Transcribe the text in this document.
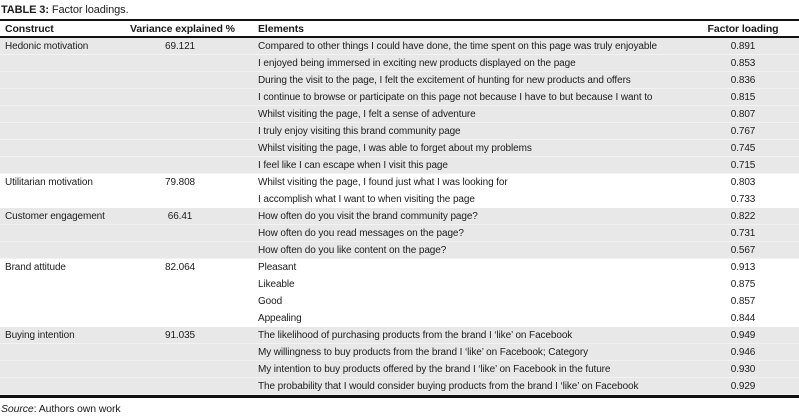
TABLE 3: Factor loadings.
Construct	Variance explained %	Elements	Factor loading
Hedonic motivation	69.121	Compared to other things I could have done, the time spent on this page was truly enjoyable	0.891
		I enjoyed being immersed in exciting new products displayed on the page	0.853
		During the visit to the page, I felt the excitement of hunting for new products and offers	0.836
		I continue to browse or participate on this page not because I have to but because I want to	0.815
		Whilst visiting the page, I felt a sense of adventure	0.807
		I truly enjoy visiting this brand community page	0.767
		Whilst visiting the page, I was able to forget about my problems	0.745
		I feel like I can escape when I visit this page	0.715
Utilitarian motivation	79.808	Whilst visiting the page, I found just what I was looking for	0.803
		I accomplish what I want to when visiting the page	0.733
Customer engagement	66.41	How often do you visit the brand community page?	0.822
		How often do you read messages on the page?	0.731
		How often do you like content on the page?	0.567
Brand attitude	82.064	Pleasant	0.913
		Likeable	0.875
		Good	0.857
		Appealing	0.844
Buying intention	91.035	The likelihood of purchasing products from the brand I ‘like’ on Facebook	0.949
		My willingness to buy products from the brand I ‘like’ on Facebook; Category	0.946
		My intention to buy products offered by the brand I ‘like’ on Facebook in the future	0.930
		The probability that I would consider buying products from the brand I ‘like’ on Facebook	0.929
Source: Authors own work
